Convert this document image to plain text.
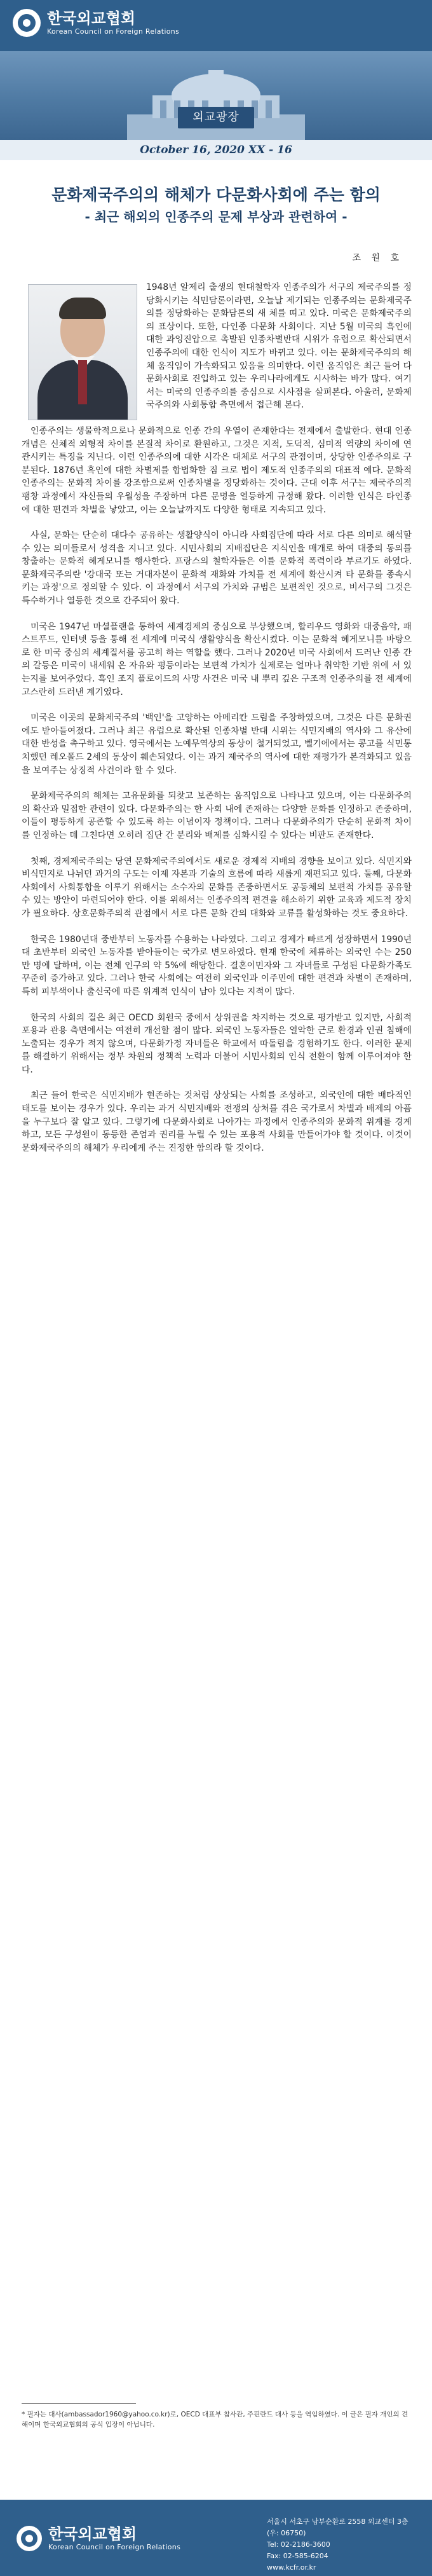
한국외교협회
Korean Council on Foreign Relations
외교광장
October 16, 2020 XX - 16
문화제국주의의 해체가 다문화사회에 주는 함의
- 최근 해외의 인종주의 문제 부상과 관련하여 -
조 원 호

1948년 알제리 출생의 현대철학자 인종주의가 서구의 제국주의를 정당화시키는 식민담론이라면, 오늘날 제기되는 인종주의는 문화제국주의를 정당화하는 문화담론의 새 체를 띠고 있다. 미국은 문화제국주의의 표상이다. 또한, 다인종 다문화 사회이다. 지난 5월 미국의 흑인에 대한 과잉진압으로 촉발된 인종차별반대 시위가 유럽으로 확산되면서 인종주의에 대한 인식이 지도가 바뀌고 있다. 이는 문화제국주의의 해체 움직임이 가속화되고 있음을 의미한다. 이런 움직임은 최근 들어 다문화사회로 진입하고 있는 우리나라에게도 시사하는 바가 많다. 여기서는 미국의 인종주의를 중심으로 시사점을 살펴본다. 아울러, 문화제국주의와 사회통합 측면에서 접근해 본다.

인종주의는 생물학적으로나 문화적으로 인종 간의 우열이 존재한다는 전제에서 출발한다. 현대 인종개념은 신체적 외형적 차이를 본질적 차이로 환원하고, 그것은 지적, 도덕적, 심미적 역량의 차이에 연관시키는 특징을 지닌다. 이런 인종주의에 대한 시각은 대체로 서구의 관점이며, 상당한 인종주의로 구분된다. 1876년 흑인에 대한 차별제를 합법화한 짐 크로 법이 제도적 인종주의의 대표적 예다. 문화적 인종주의는 문화적 차이를 강조함으로써 인종차별을 정당화하는 것이다. 근대 이후 서구는 제국주의적 팽창 과정에서 자신들의 우월성을 주장하며 다른 문명을 열등하게 규정해 왔다. 이러한 인식은 타인종에 대한 편견과 차별을 낳았고, 이는 오늘날까지도 다양한 형태로 지속되고 있다.

사실, 문화는 단순히 대다수 공유하는 생활양식이 아니라 사회집단에 따라 서로 다른 의미로 해석할 수 있는 의미들로서 성격을 지니고 있다. 시민사회의 지배집단은 지식인을 매개로 하여 대중의 동의를 창출하는 문화적 헤게모니를 행사한다. 프랑스의 철학자들은 이를 문화적 폭력이라 부르기도 하였다. 문화제국주의란 '강대국 또는 거대자본이 문화적 재화와 가치를 전 세계에 확산시켜 타 문화를 종속시키는 과정'으로 정의할 수 있다. 이 과정에서 서구의 가치와 규범은 보편적인 것으로, 비서구의 그것은 특수하거나 열등한 것으로 간주되어 왔다.

미국은 1947년 마셜플랜을 통하여 세계경제의 중심으로 부상했으며, 할리우드 영화와 대중음악, 패스트푸드, 인터넷 등을 통해 전 세계에 미국식 생활양식을 확산시켰다. 이는 문화적 헤게모니를 바탕으로 한 미국 중심의 세계질서를 공고히 하는 역할을 했다. 그러나 2020년 미국 사회에서 드러난 인종 간의 갈등은 미국이 내세워 온 자유와 평등이라는 보편적 가치가 실제로는 얼마나 취약한 기반 위에 서 있는지를 보여주었다. 흑인 조지 플로이드의 사망 사건은 미국 내 뿌리 깊은 구조적 인종주의를 전 세계에 고스란히 드러낸 계기였다.

미국은 이곳의 문화제국주의 '백인'을 고양하는 아메리칸 드림을 주창하였으며, 그것은 다른 문화권에도 받아들여졌다. 그러나 최근 유럽으로 확산된 인종차별 반대 시위는 식민지배의 역사와 그 유산에 대한 반성을 촉구하고 있다. 영국에서는 노예무역상의 동상이 철거되었고, 벨기에에서는 콩고를 식민통치했던 레오폴드 2세의 동상이 훼손되었다. 이는 과거 제국주의 역사에 대한 재평가가 본격화되고 있음을 보여주는 상징적 사건이라 할 수 있다.

문화제국주의의 해체는 고유문화를 되찾고 보존하는 움직임으로 나타나고 있으며, 이는 다문화주의의 확산과 밀접한 관련이 있다. 다문화주의는 한 사회 내에 존재하는 다양한 문화를 인정하고 존중하며, 이들이 평등하게 공존할 수 있도록 하는 이념이자 정책이다. 그러나 다문화주의가 단순히 문화적 차이를 인정하는 데 그친다면 오히려 집단 간 분리와 배제를 심화시킬 수 있다는 비판도 존재한다.

첫째, 경제제국주의는 당연 문화제국주의에서도 새로운 경제적 지배의 경향을 보이고 있다. 식민지와 비식민지로 나뉘던 과거의 구도는 이제 자본과 기술의 흐름에 따라 새롭게 재편되고 있다. 둘째, 다문화 사회에서 사회통합을 이루기 위해서는 소수자의 문화를 존중하면서도 공동체의 보편적 가치를 공유할 수 있는 방안이 마련되어야 한다. 이를 위해서는 인종주의적 편견을 해소하기 위한 교육과 제도적 장치가 필요하다. 상호문화주의적 관점에서 서로 다른 문화 간의 대화와 교류를 활성화하는 것도 중요하다.

한국은 1980년대 중반부터 노동자를 수용하는 나라였다. 그리고 경제가 빠르게 성장하면서 1990년대 초반부터 외국인 노동자를 받아들이는 국가로 변모하였다. 현재 한국에 체류하는 외국인 수는 250만 명에 달하며, 이는 전체 인구의 약 5%에 해당한다. 결혼이민자와 그 자녀들로 구성된 다문화가족도 꾸준히 증가하고 있다. 그러나 한국 사회에는 여전히 외국인과 이주민에 대한 편견과 차별이 존재하며, 특히 피부색이나 출신국에 따른 위계적 인식이 남아 있다는 지적이 많다.

한국의 사회의 질은 최근 OECD 회원국 중에서 상위권을 차지하는 것으로 평가받고 있지만, 사회적 포용과 관용 측면에서는 여전히 개선할 점이 많다. 외국인 노동자들은 열악한 근로 환경과 인권 침해에 노출되는 경우가 적지 않으며, 다문화가정 자녀들은 학교에서 따돌림을 경험하기도 한다. 이러한 문제를 해결하기 위해서는 정부 차원의 정책적 노력과 더불어 시민사회의 인식 전환이 함께 이루어져야 한다.

최근 들어 한국은 식민지배가 현존하는 것처럼 상상되는 사회를 조성하고, 외국인에 대한 배타적인 태도를 보이는 경우가 있다. 우리는 과거 식민지배와 전쟁의 상처를 겪은 국가로서 차별과 배제의 아픔을 누구보다 잘 알고 있다. 그렇기에 다문화사회로 나아가는 과정에서 인종주의와 문화적 위계를 경계하고, 모든 구성원이 동등한 존엄과 권리를 누릴 수 있는 포용적 사회를 만들어가야 할 것이다. 이것이 문화제국주의의 해체가 우리에게 주는 진정한 함의라 할 것이다.

* 필자는 대사(ambassador1960@yahoo.co.kr)로, OECD 대표부 참사관, 주핀란드 대사 등을 역임하였다. 이 글은 필자 개인의 견해이며 한국외교협회의 공식 입장이 아닙니다.
한국외교협회
Korean Council on Foreign Relations
서울시 서초구 남부순환로 2558 외교센터 3층 (우: 06750)
Tel: 02-2186-3600
Fax: 02-585-6204
www.kcfr.or.kr
